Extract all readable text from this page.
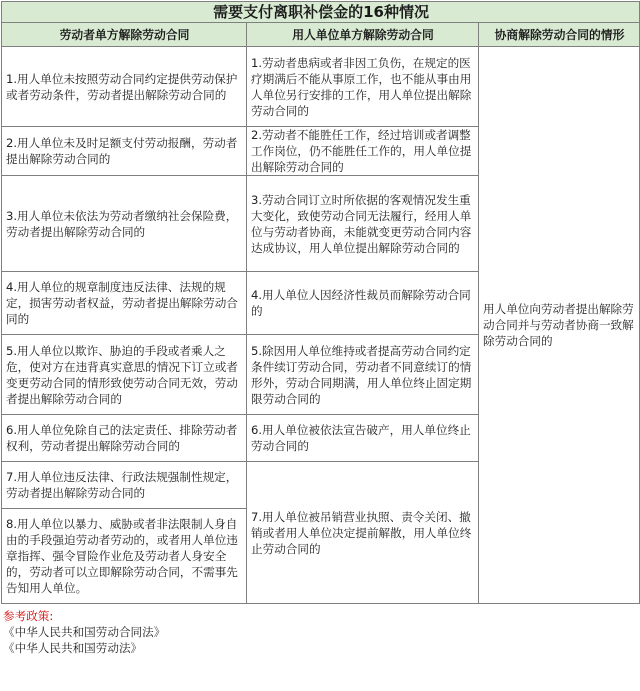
需要支付离职补偿金的16种情况		
劳动者单方解除劳动合同	用人单位单方解除劳动合同	协商解除劳动合同的情形
1.用人单位未按照劳动合同约定提供劳动保护或者劳动条件，劳动者提出解除劳动合同的	1.劳动者患病或者非因工负伤，在规定的医疗期满后不能从事原工作，也不能从事由用人单位另行安排的工作，用人单位提出解除劳动合同的	用人单位向劳动者提出解除劳动合同并与劳动者协商一致解除劳动合同的
2.用人单位未及时足额支付劳动报酬，劳动者提出解除劳动合同的	2.劳动者不能胜任工作，经过培训或者调整工作岗位，仍不能胜任工作的，用人单位提出解除劳动合同的	
3.用人单位未依法为劳动者缴纳社会保险费，劳动者提出解除劳动合同的	3.劳动合同订立时所依据的客观情况发生重大变化，致使劳动合同无法履行，经用人单位与劳动者协商，未能就变更劳动合同内容达成协议，用人单位提出解除劳动合同的	
4.用人单位的规章制度违反法律、法规的规定，损害劳动者权益，劳动者提出解除劳动合同的	4.用人单位人因经济性裁员而解除劳动合同的	
5.用人单位以欺诈、胁迫的手段或者乘人之危，使对方在违背真实意思的情况下订立或者变更劳动合同的情形致使劳动合同无效，劳动者提出解除劳动合同的	5.除因用人单位维持或者提高劳动合同约定条件续订劳动合同，劳动者不同意续订的情形外，劳动合同期满，用人单位终止固定期限劳动合同的	
6.用人单位免除自己的法定责任、排除劳动者权利，劳动者提出解除劳动合同的	6.用人单位被依法宣告破产，用人单位终止劳动合同的	
7.用人单位违反法律、行政法规强制性规定，劳动者提出解除劳动合同的	7.用人单位被吊销营业执照、责令关闭、撤销或者用人单位决定提前解散，用人单位终止劳动合同的	
8.用人单位以暴力、威胁或者非法限制人身自由的手段强迫劳动者劳动的，或者用人单位违章指挥、强令冒险作业危及劳动者人身安全的，劳动者可以立即解除劳动合同，不需事先告知用人单位。		
参考政策:
《中华人民共和国劳动合同法》
《中华人民共和国劳动法》
